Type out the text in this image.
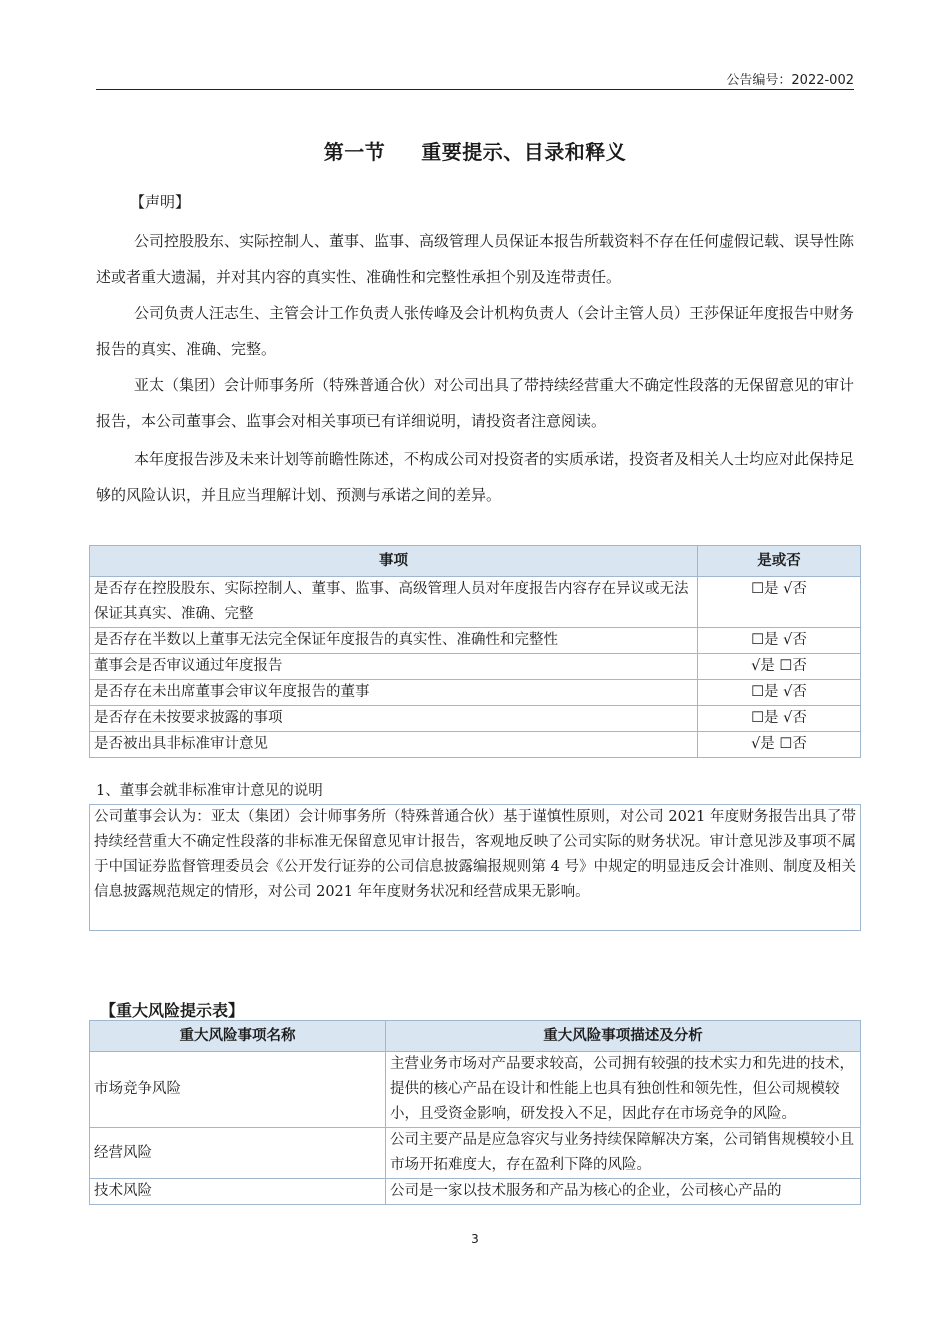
公告编号：2022-002
第一节 重要提示、目录和释义
【声明】
公司控股股东、实际控制人、董事、监事、高级管理人员保证本报告所载资料不存在任何虚假记载、误导性陈述或者重大遗漏，并对其内容的真实性、准确性和完整性承担个别及连带责任。
公司负责人汪志生、主管会计工作负责人张传峰及会计机构负责人（会计主管人员）王莎保证年度报告中财务报告的真实、准确、完整。
亚太（集团）会计师事务所（特殊普通合伙）对公司出具了带持续经营重大不确定性段落的无保留意见的审计报告，本公司董事会、监事会对相关事项已有详细说明，请投资者注意阅读。
本年度报告涉及未来计划等前瞻性陈述，不构成公司对投资者的实质承诺，投资者及相关人士均应对此保持足够的风险认识，并且应当理解计划、预测与承诺之间的差异。
事项	是或否
是否存在控股股东、实际控制人、董事、监事、高级管理人员对年度报告内容存在异议或无法保证其真实、准确、完整	☐是 √否
是否存在半数以上董事无法完全保证年度报告的真实性、准确性和完整性	☐是 √否
董事会是否审议通过年度报告	√是 ☐否
是否存在未出席董事会审议年度报告的董事	☐是 √否
是否存在未按要求披露的事项	☐是 √否
是否被出具非标准审计意见	√是 ☐否
1、董事会就非标准审计意见的说明
公司董事会认为：亚太（集团）会计师事务所（特殊普通合伙）基于谨慎性原则，对公司 2021 年度财务报告出具了带持续经营重大不确定性段落的非标准无保留意见审计报告，客观地反映了公司实际的财务状况。审计意见涉及事项不属于中国证券监督管理委员会《公开发行证券的公司信息披露编报规则第 4 号》中规定的明显违反会计准则、制度及相关信息披露规范规定的情形，对公司 2021 年年度财务状况和经营成果无影响。
【重大风险提示表】
重大风险事项名称	重大风险事项描述及分析
市场竞争风险	主营业务市场对产品要求较高，公司拥有较强的技术实力和先进的技术，提供的核心产品在设计和性能上也具有独创性和领先性，但公司规模较小，且受资金影响，研发投入不足，因此存在市场竞争的风险。
经营风险	公司主要产品是应急容灾与业务持续保障解决方案，公司销售规模较小且市场开拓难度大，存在盈利下降的风险。
技术风险	公司是一家以技术服务和产品为核心的企业，公司核心产品的
3
